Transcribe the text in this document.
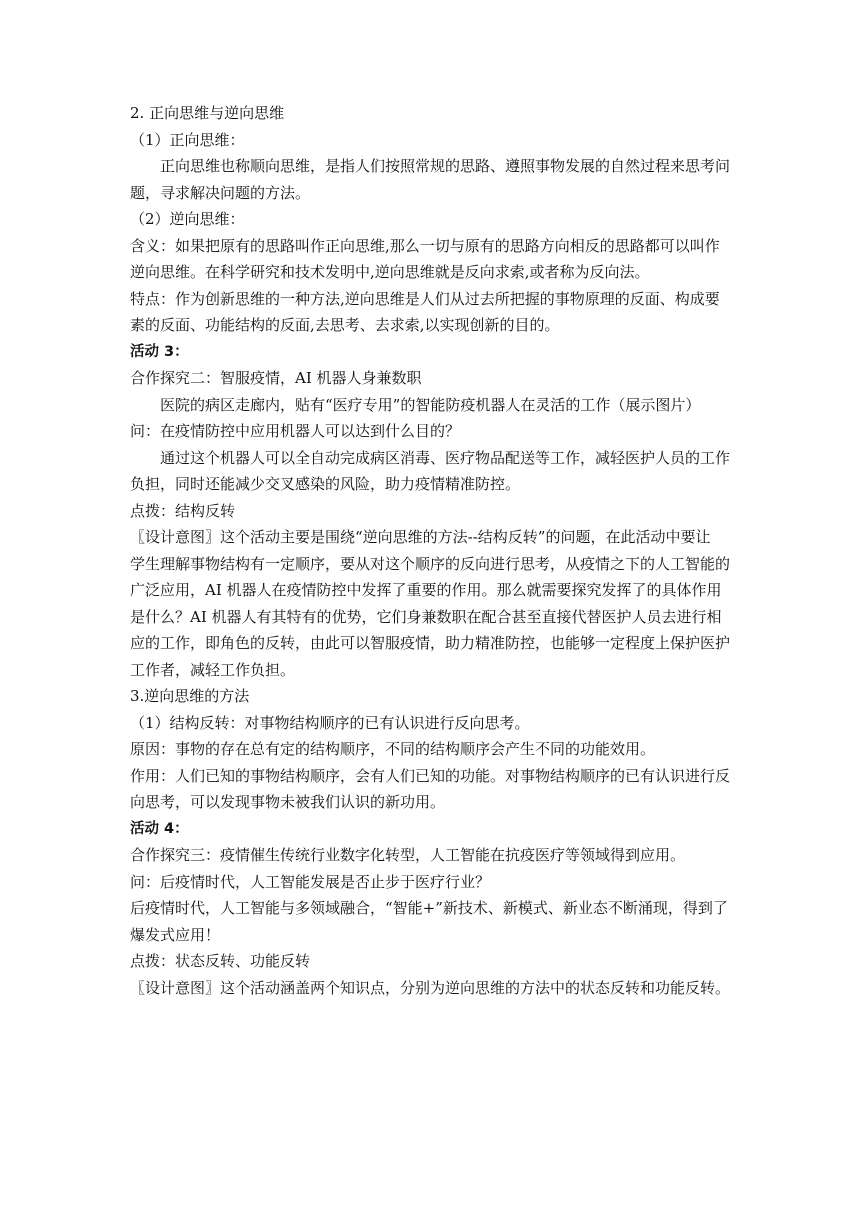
2. 正向思维与逆向思维

（1）正向思维：

正向思维也称顺向思维，是指人们按照常规的思路、遵照事物发展的自然过程来思考问

题，寻求解决问题的方法。

（2）逆向思维：

含义：如果把原有的思路叫作正向思维,那么一切与原有的思路方向相反的思路都可以叫作

逆向思维。在科学研究和技术发明中,逆向思维就是反向求索,或者称为反向法。

特点：作为创新思维的一种方法,逆向思维是人们从过去所把握的事物原理的反面、构成要

素的反面、功能结构的反面,去思考、去求索,以实现创新的目的。

活动 3：

合作探究二：智服疫情，AI 机器人身兼数职

医院的病区走廊内，贴有“医疗专用”的智能防疫机器人在灵活的工作（展示图片）

问：在疫情防控中应用机器人可以达到什么目的？

通过这个机器人可以全自动完成病区消毒、医疗物品配送等工作，减轻医护人员的工作

负担，同时还能减少交叉感染的风险，助力疫情精准防控。

点拨：结构反转

〖设计意图〗这个活动主要是围绕“逆向思维的方法--结构反转”的问题，在此活动中要让

学生理解事物结构有一定顺序，要从对这个顺序的反向进行思考，从疫情之下的人工智能的

广泛应用，AI 机器人在疫情防控中发挥了重要的作用。那么就需要探究发挥了的具体作用

是什么？AI 机器人有其特有的优势，它们身兼数职在配合甚至直接代替医护人员去进行相

应的工作，即角色的反转，由此可以智服疫情，助力精准防控，也能够一定程度上保护医护

工作者，减轻工作负担。

3.逆向思维的方法

（1）结构反转：对事物结构顺序的已有认识进行反向思考。

原因：事物的存在总有定的结构顺序，不同的结构顺序会产生不同的功能效用。

作用：人们已知的事物结构顺序，会有人们已知的功能。对事物结构顺序的已有认识进行反

向思考，可以发现事物未被我们认识的新功用。

活动 4：

合作探究三：疫情催生传统行业数字化转型，人工智能在抗疫医疗等领域得到应用。

问：后疫情时代，人工智能发展是否止步于医疗行业？

后疫情时代，人工智能与多领域融合，“智能+”新技术、新模式、新业态不断涌现，得到了

爆发式应用！

点拨：状态反转、功能反转

〖设计意图〗这个活动涵盖两个知识点，分别为逆向思维的方法中的状态反转和功能反转。
